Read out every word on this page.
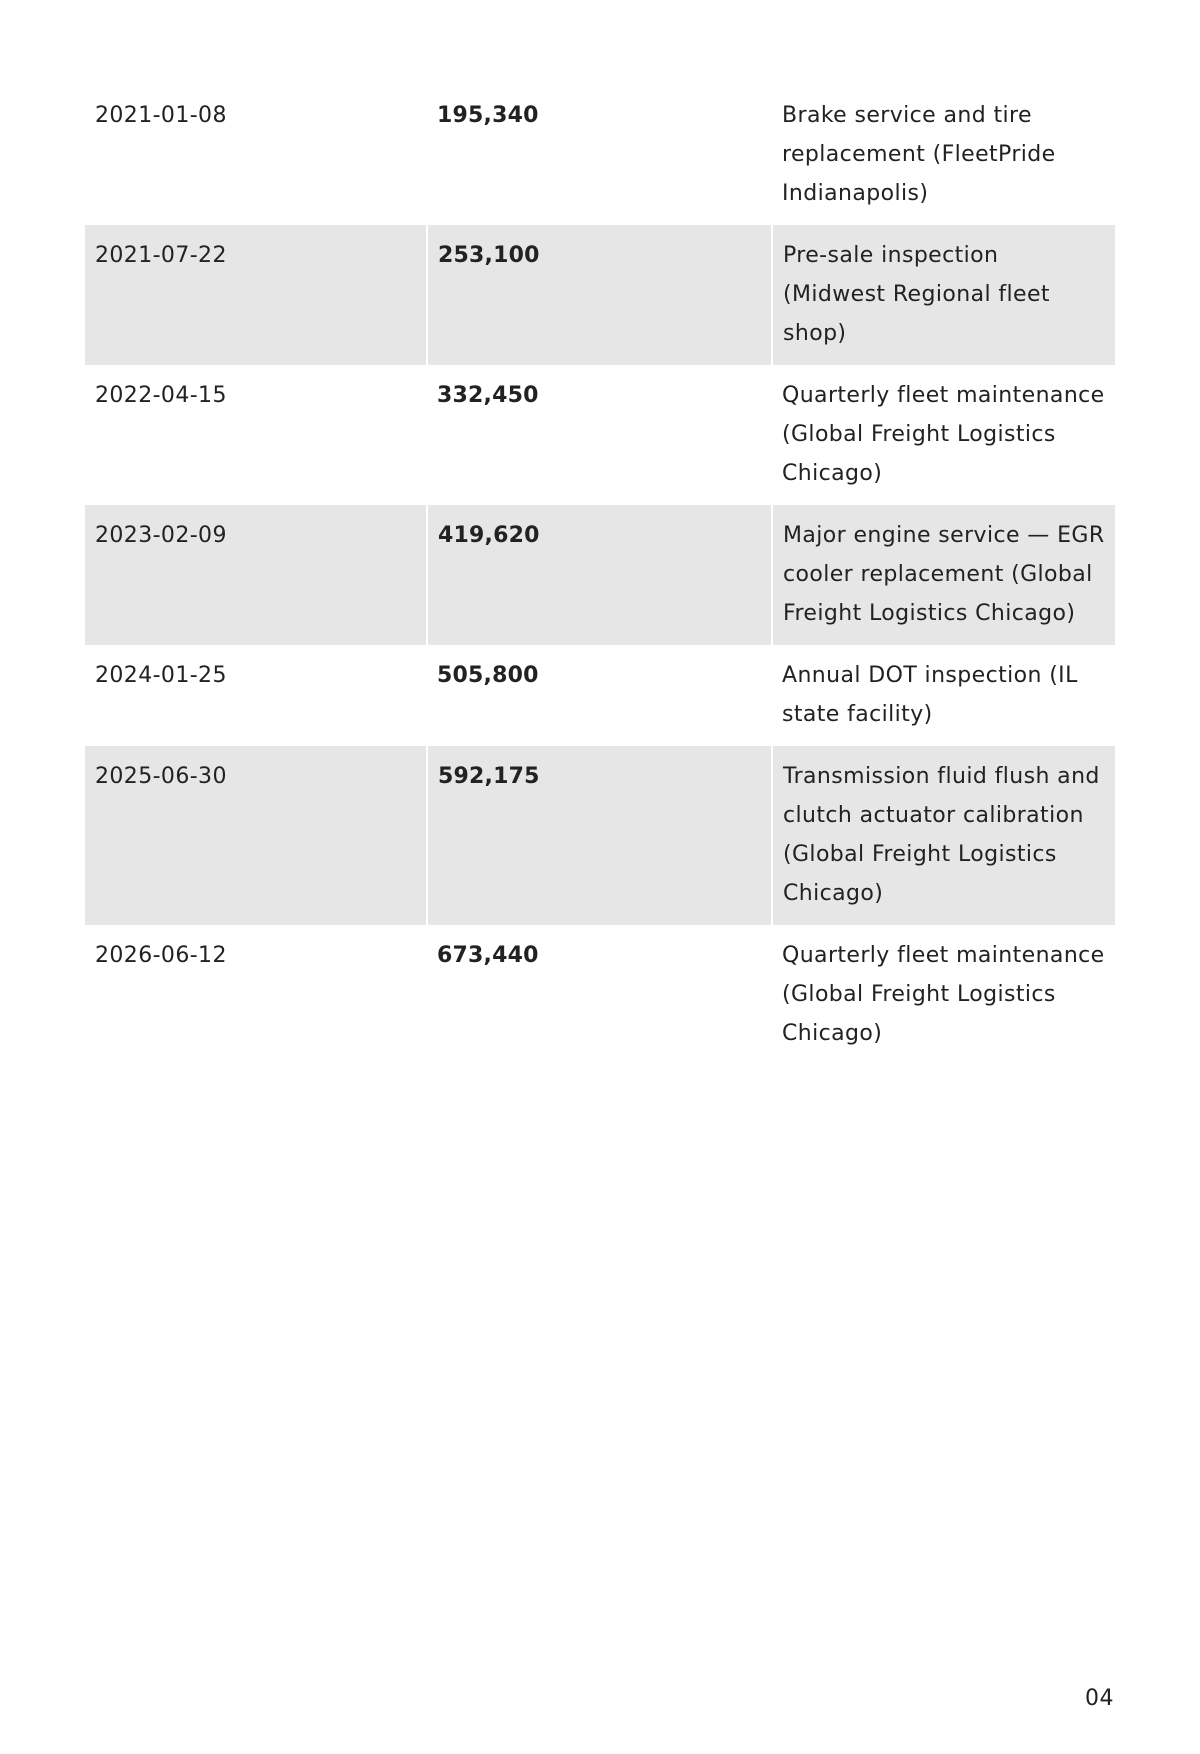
2021-01-08	195,340	Brake service and tire replacement (FleetPride Indianapolis)
2021-07-22	253,100	Pre-sale inspection (Midwest Regional fleet shop)
2022-04-15	332,450	Quarterly fleet maintenance (Global Freight Logistics Chicago)
2023-02-09	419,620	Major engine service — EGR cooler replacement (Global Freight Logistics Chicago)
2024-01-25	505,800	Annual DOT inspection (IL state facility)
2025-06-30	592,175	Transmission fluid flush and clutch actuator calibration (Global Freight Logistics Chicago)
2026-06-12	673,440	Quarterly fleet maintenance (Global Freight Logistics Chicago)
04
